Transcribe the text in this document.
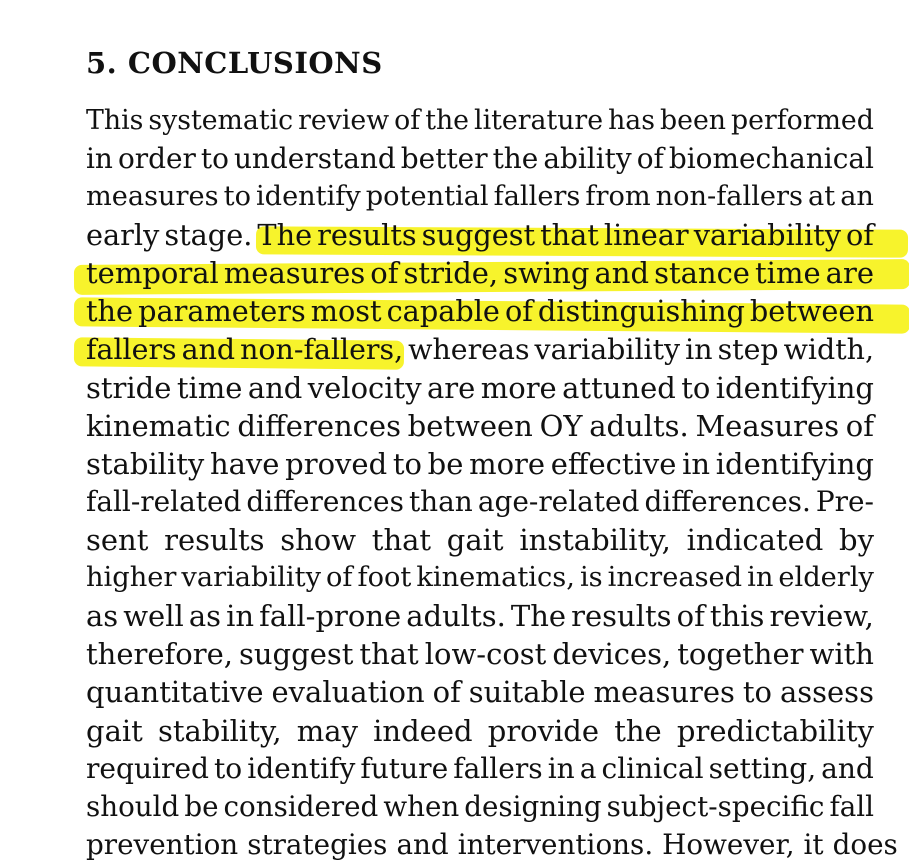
5. CONCLUSIONS
This systematic review of the literature has been performed
in order to understand better the ability of biomechanical
measures to identify potential fallers from non-fallers at an
early stage. The results suggest that linear variability of
temporal measures of stride, swing and stance time are
the parameters most capable of distinguishing between
fallers and non-fallers, whereas variability in step width,
stride time and velocity are more attuned to identifying
kinematic differences between OY adults. Measures of
stability have proved to be more effective in identifying
fall-related differences than age-related differences. Pre-
sent results show that gait instability, indicated by
higher variability of foot kinematics, is increased in elderly
as well as in fall-prone adults. The results of this review,
therefore, suggest that low-cost devices, together with
quantitative evaluation of suitable measures to assess
gait stability, may indeed provide the predictability
required to identify future fallers in a clinical setting, and
should be considered when designing subject-specific fall
prevention strategies and interventions. However, it does
